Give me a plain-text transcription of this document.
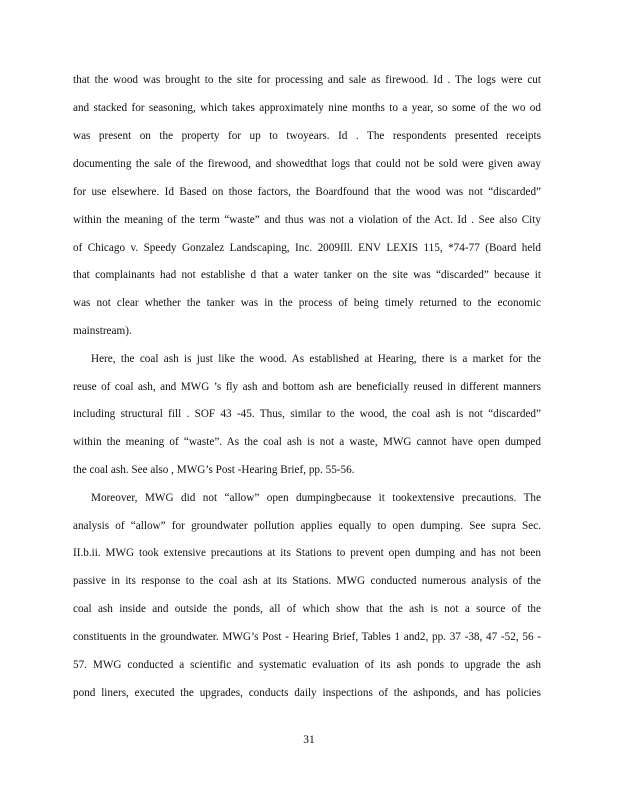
that the wood was brought to the site for processing and sale as firewood. Id . The logs were cut
and stacked for seasoning, which takes approximately nine months to a year, so some of the wo od
was present on the property for up to twoyears. Id . The respondents presented receipts
documenting the sale of the firewood, and showedthat logs that could not be sold were given away
for use elsewhere. Id Based on those factors, the Boardfound that the wood was not “discarded”
within the meaning of the term “waste” and thus was not a violation of the Act. Id . See also City
of Chicago v. Speedy Gonzalez Landscaping, Inc. 2009Ill. ENV LEXIS 115, *74-77 (Board held
that complainants had not establishe d that a water tanker on the site was “discarded” because it
was not clear whether the tanker was in the process of being timely returned to the economic
mainstream).
Here, the coal ash is just like the wood. As established at Hearing, there is a market for the
reuse of coal ash, and MWG ’s fly ash and bottom ash are beneficially reused in different manners
including structural fill . SOF 43 -45. Thus, similar to the wood, the coal ash is not “discarded”
within the meaning of “waste”. As the coal ash is not a waste, MWG cannot have open dumped
the coal ash. See also , MWG’s Post -Hearing Brief, pp. 55-56.
Moreover, MWG did not “allow” open dumpingbecause it tookextensive precautions. The
analysis of “allow” for groundwater pollution applies equally to open dumping. See supra Sec.
II.b.ii. MWG took extensive precautions at its Stations to prevent open dumping and has not been
passive in its response to the coal ash at its Stations. MWG conducted numerous analysis of the
coal ash inside and outside the ponds, all of which show that the ash is not a source of the
constituents in the groundwater. MWG’s Post - Hearing Brief, Tables 1 and2, pp. 37 -38, 47 -52, 56 -
57. MWG conducted a scientific and systematic evaluation of its ash ponds to upgrade the ash
pond liners, executed the upgrades, conducts daily inspections of the ashponds, and has policies
31
